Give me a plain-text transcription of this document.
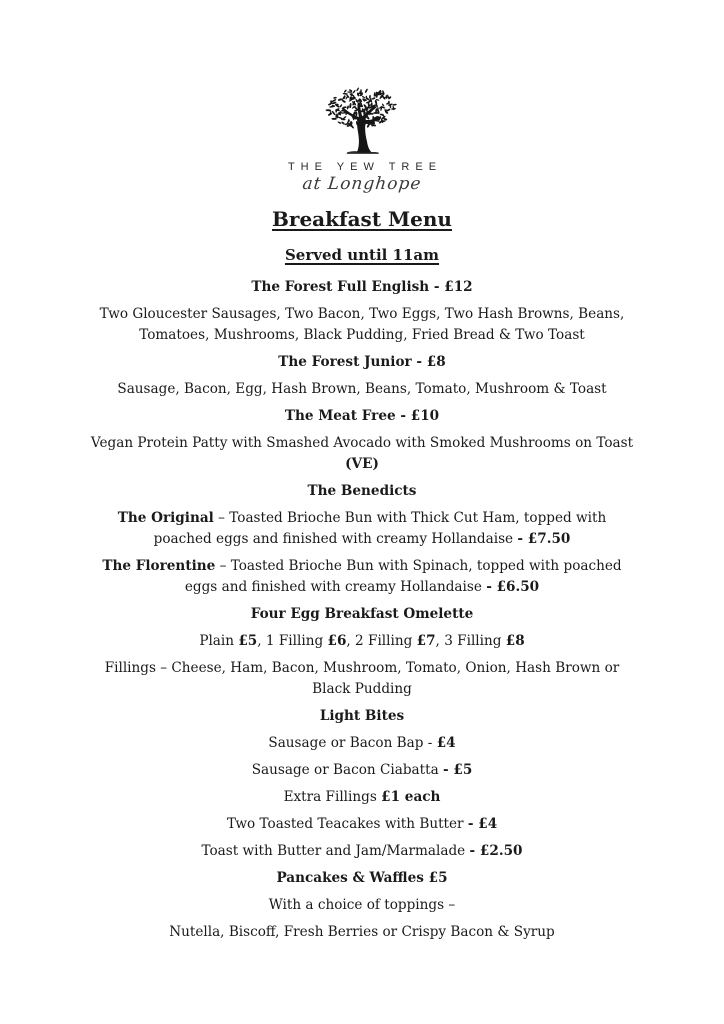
THE YEW TREE
at Longhope
Breakfast Menu
Served until 11am

The Forest Full English - £12

Two Gloucester Sausages, Two Bacon, Two Eggs, Two Hash Browns, Beans, Tomatoes, Mushrooms, Black Pudding, Fried Bread & Two Toast

The Forest Junior - £8

Sausage, Bacon, Egg, Hash Brown, Beans, Tomato, Mushroom & Toast

The Meat Free - £10

Vegan Protein Patty with Smashed Avocado with Smoked Mushrooms on Toast (VE)

The Benedicts

The Original – Toasted Brioche Bun with Thick Cut Ham, topped with poached eggs and finished with creamy Hollandaise - £7.50

The Florentine – Toasted Brioche Bun with Spinach, topped with poached eggs and finished with creamy Hollandaise - £6.50

Four Egg Breakfast Omelette

Plain £5, 1 Filling £6, 2 Filling £7, 3 Filling £8

Fillings – Cheese, Ham, Bacon, Mushroom, Tomato, Onion, Hash Brown or Black Pudding

Light Bites

Sausage or Bacon Bap - £4

Sausage or Bacon Ciabatta - £5

Extra Fillings £1 each

Two Toasted Teacakes with Butter - £4

Toast with Butter and Jam/Marmalade - £2.50

Pancakes & Waffles £5

With a choice of toppings –

Nutella, Biscoff, Fresh Berries or Crispy Bacon & Syrup
